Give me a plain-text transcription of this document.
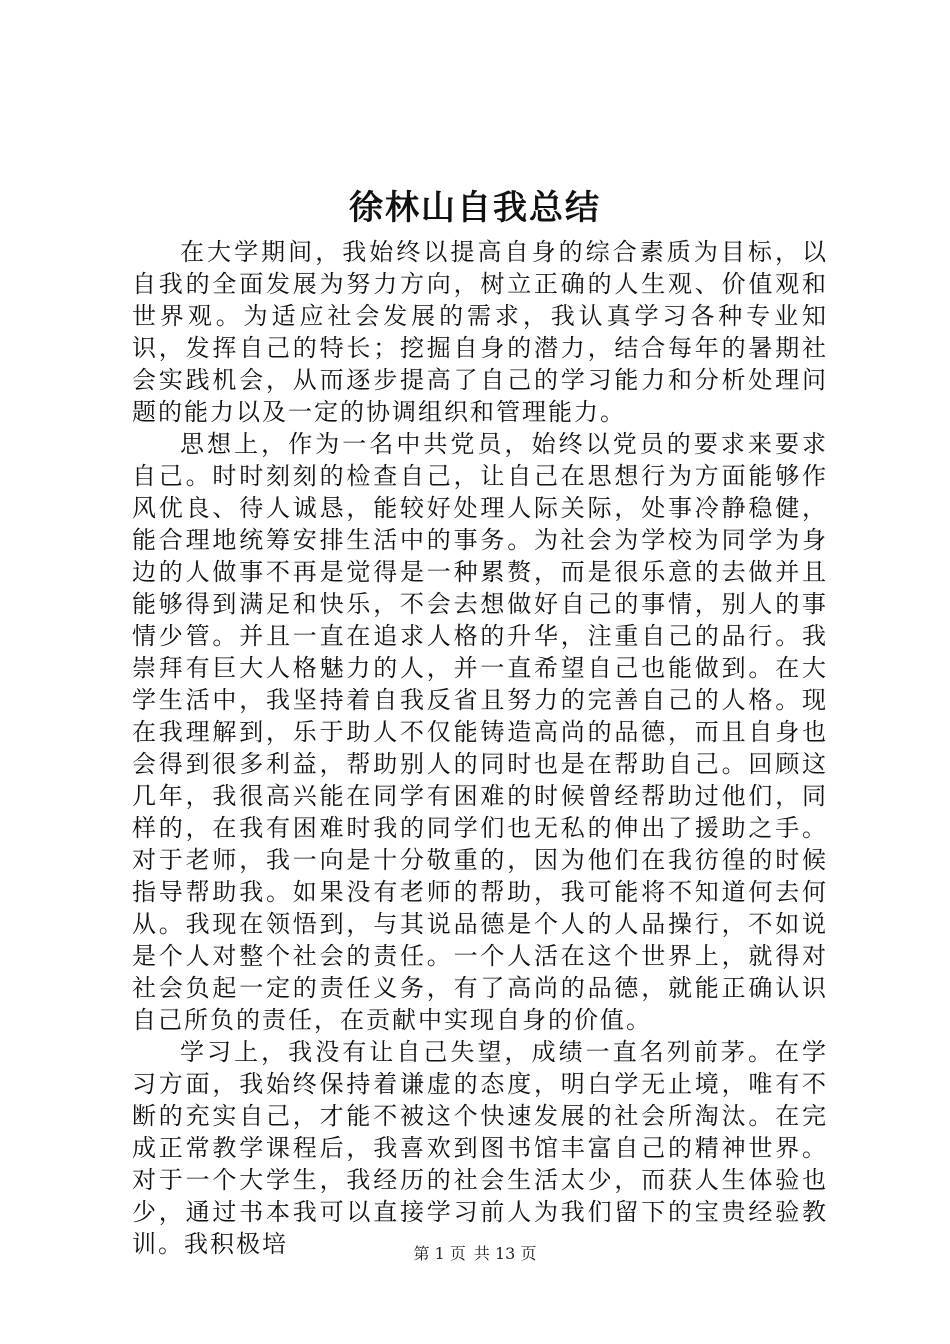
徐林山自我总结

在大学期间，我始终以提高自身的综合素质为目标，以自我的全面发展为努力方向，树立正确的人生观、价值观和世界观。为适应社会发展的需求，我认真学习各种专业知识，发挥自己的特长；挖掘自身的潜力，结合每年的暑期社会实践机会，从而逐步提高了自己的学习能力和分析处理问题的能力以及一定的协调组织和管理能力。

思想上，作为一名中共党员，始终以党员的要求来要求自己。时时刻刻的检查自己，让自己在思想行为方面能够作风优良、待人诚恳，能较好处理人际关际，处事冷静稳健，能合理地统筹安排生活中的事务。为社会为学校为同学为身边的人做事不再是觉得是一种累赘，而是很乐意的去做并且能够得到满足和快乐，不会去想做好自己的事情，别人的事情少管。并且一直在追求人格的升华，注重自己的品行。我崇拜有巨大人格魅力的人，并一直希望自己也能做到。在大学生活中，我坚持着自我反省且努力的完善自己的人格。现在我理解到，乐于助人不仅能铸造高尚的品德，而且自身也会得到很多利益，帮助别人的同时也是在帮助自己。回顾这几年，我很高兴能在同学有困难的时候曾经帮助过他们，同样的，在我有困难时我的同学们也无私的伸出了援助之手。对于老师，我一向是十分敬重的，因为他们在我彷徨的时候指导帮助我。如果没有老师的帮助，我可能将不知道何去何从。我现在领悟到，与其说品德是个人的人品操行，不如说是个人对整个社会的责任。一个人活在这个世界上，就得对社会负起一定的责任义务，有了高尚的品德，就能正确认识自己所负的责任，在贡献中实现自身的价值。

学习上，我没有让自己失望，成绩一直名列前茅。在学习方面，我始终保持着谦虚的态度，明白学无止境，唯有不断的充实自己，才能不被这个快速发展的社会所淘汰。在完成正常教学课程后，我喜欢到图书馆丰富自己的精神世界。对于一个大学生，我经历的社会生活太少，而获人生体验也少，通过书本我可以直接学习前人为我们留下的宝贵经验教训。我积极培	第 1 页 共 13 页
